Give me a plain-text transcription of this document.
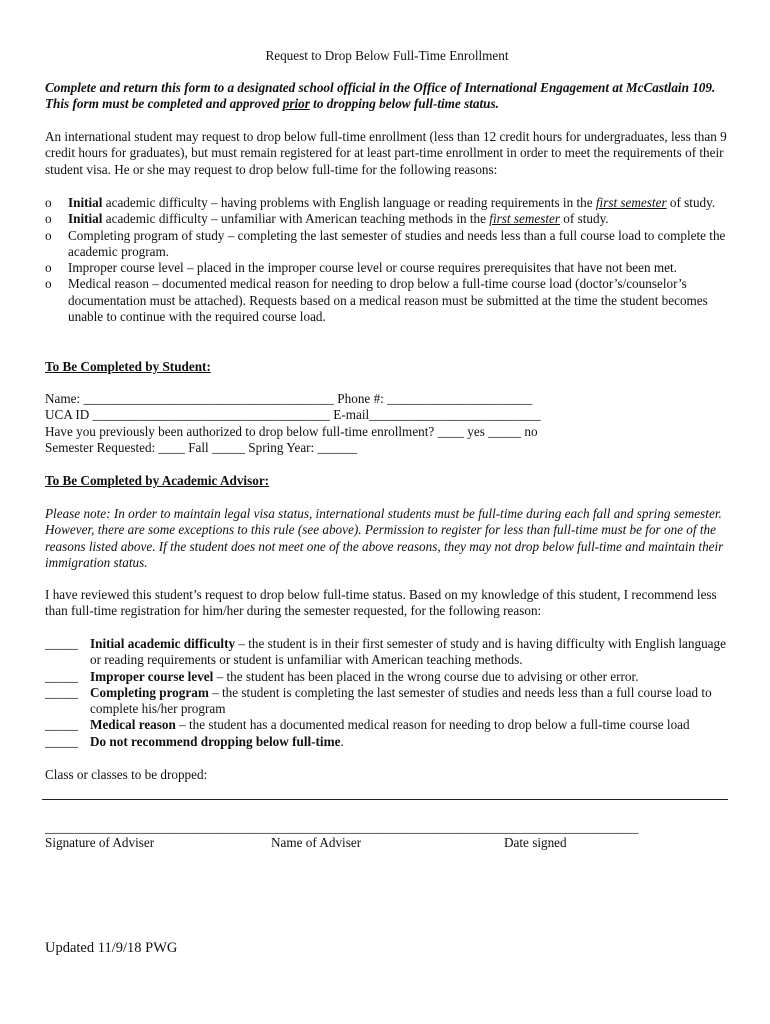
Request to Drop Below Full-Time Enrollment
Complete and return this form to a designated school official in the Office of International Engagement at McCastlain 109. This form must be completed and approved prior to dropping below full-time status.
An international student may request to drop below full-time enrollment (less than 12 credit hours for undergraduates, less than 9 credit hours for graduates), but must remain registered for at least part-time enrollment in order to meet the requirements of their student visa. He or she may request to drop below full-time for the following reasons:
o Initial academic difficulty – having problems with English language or reading requirements in the first semester of study.
o Initial academic difficulty – unfamiliar with American teaching methods in the first semester of study.
o Completing program of study – completing the last semester of studies and needs less than a full course load to complete the academic program.
o Improper course level – placed in the improper course level or course requires prerequisites that have not been met.
o Medical reason – documented medical reason for needing to drop below a full-time course load (doctor’s/counselor’s documentation must be attached). Requests based on a medical reason must be submitted at the time the student becomes unable to continue with the required course load.
To Be Completed by Student:
Name: ______________________________________ Phone #: ______________________
UCA ID ____________________________________ E-mail__________________________
Have you previously been authorized to drop below full-time enrollment? ____ yes _____ no
Semester Requested: ____ Fall _____ Spring Year: ______
To Be Completed by Academic Advisor:
Please note: In order to maintain legal visa status, international students must be full-time during each fall and spring semester. However, there are some exceptions to this rule (see above). Permission to register for less than full-time must be for one of the reasons listed above. If the student does not meet one of the above reasons, they may not drop below full-time and maintain their immigration status.
I have reviewed this student’s request to drop below full-time status. Based on my knowledge of this student, I recommend less than full-time registration for him/her during the semester requested, for the following reason:
_____ Initial academic difficulty – the student is in their first semester of study and is having difficulty with English language or reading requirements or student is unfamiliar with American teaching methods.
_____ Improper course level – the student has been placed in the wrong course due to advising or other error.
_____ Completing program – the student is completing the last semester of studies and needs less than a full course load to complete his/her program
_____ Medical reason – the student has a documented medical reason for needing to drop below a full-time course load
_____ Do not recommend dropping below full-time.
Class or classes to be dropped:
__________________________________________________________________________________________
Signature of Adviser	Name of Adviser	Date signed
Updated 11/9/18 PWG
